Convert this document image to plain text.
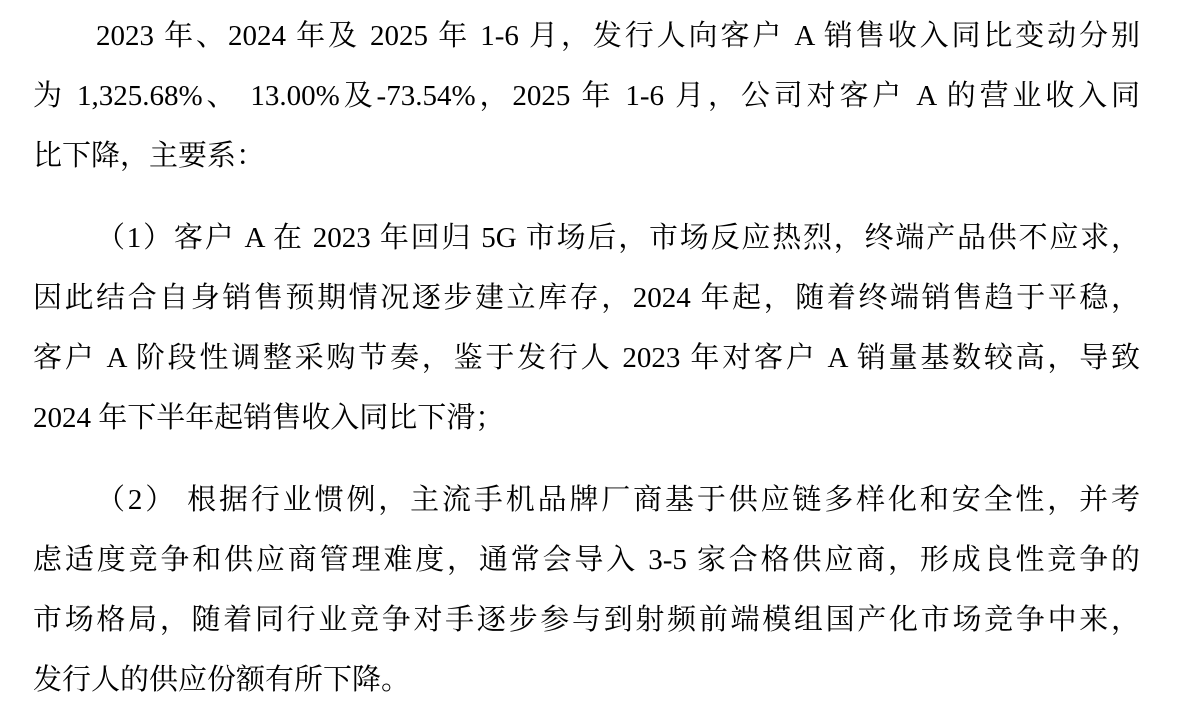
2023 年、2024 年及 2025 年 1-6 月，发行人向客户 A 销售收入同比变动分别
为 1,325.68%、 13.00%及-73.54%，2025 年 1-6 月，公司对客户 A 的营业收入同
比下降，主要系：

（1）客户 A 在 2023 年回归 5G 市场后，市场反应热烈，终端产品供不应求，
因此结合自身销售预期情况逐步建立库存，2024 年起，随着终端销售趋于平稳，
客户 A 阶段性调整采购节奏，鉴于发行人 2023 年对客户 A 销量基数较高，导致
2024 年下半年起销售收入同比下滑；

（2） 根据行业惯例，主流手机品牌厂商基于供应链多样化和安全性，并考
虑适度竞争和供应商管理难度，通常会导入 3-5 家合格供应商，形成良性竞争的
市场格局，随着同行业竞争对手逐步参与到射频前端模组国产化市场竞争中来，
发行人的供应份额有所下降。
